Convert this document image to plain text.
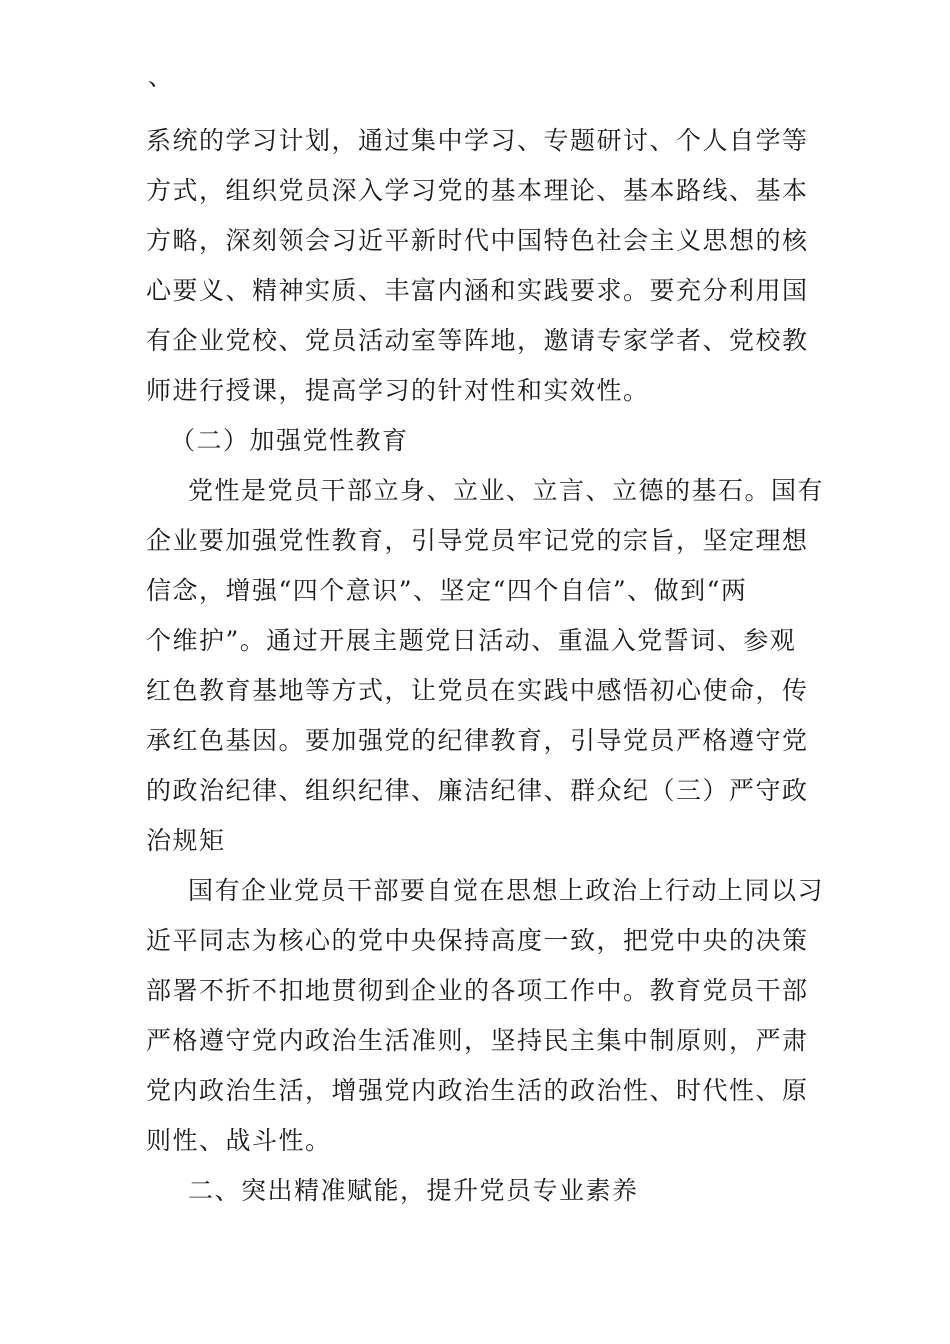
、
系统的学习计划，通过集中学习、专题研讨、个人自学等
方式，组织党员深入学习党的基本理论、基本路线、基本
方略，深刻领会习近平新时代中国特色社会主义思想的核
心要义、精神实质、丰富内涵和实践要求。要充分利用国
有企业党校、党员活动室等阵地，邀请专家学者、党校教
师进行授课，提高学习的针对性和实效性。
（二）加强党性教育
党性是党员干部立身、立业、立言、立德的基石。国有
企业要加强党性教育，引导党员牢记党的宗旨，坚定理想
信念，增强“四个意识”、坚定“四个自信”、做到“两
个维护”。通过开展主题党日活动、重温入党誓词、参观
红色教育基地等方式，让党员在实践中感悟初心使命，传
承红色基因。要加强党的纪律教育，引导党员严格遵守党
的政治纪律、组织纪律、廉洁纪律、群众纪（三）严守政
治规矩
国有企业党员干部要自觉在思想上政治上行动上同以习
近平同志为核心的党中央保持高度一致，把党中央的决策
部署不折不扣地贯彻到企业的各项工作中。教育党员干部
严格遵守党内政治生活准则，坚持民主集中制原则，严肃
党内政治生活，增强党内政治生活的政治性、时代性、原
则性、战斗性。
二、突出精准赋能，提升党员专业素养
